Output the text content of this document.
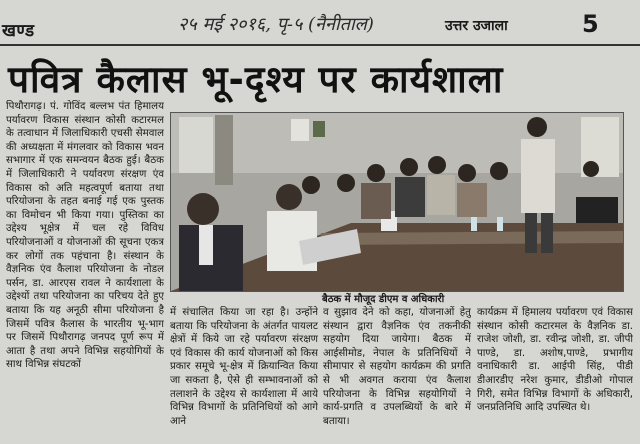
खण्ड	२५ मई २०१६, पृ-५ (नैनीताल)	उत्तर उजाला	5
पवित्र कैलास भू-दृश्य पर कार्यशाला
पिथौरागढ़। पं. गोविंद बल्लभ पंत हिमालय पर्यावरण विकास संस्थान कोसी कटारमल के तत्वाधान में जिलाधिकारी एचसी सेमवाल की अध्यक्षता में मंगलवार को विकास भवन सभागार में एक समन्वयन बैठक हुई। बैठक में जिलाधिकारी ने पर्यावरण संरक्षण एंव विकास को अति महत्वपूर्ण बताया तथा परियोजना के तहत बनाई गई एक पुस्तक का विमोचन भी किया गया। पुस्तिका का उद्देश्य भूक्षेत्र में चल रहे विविध परियोजनाओं व योजनाओं की सूचना एकत्र कर लोगों तक पहंचाना है। संस्थान के वैज्ञनिक एंव कैलाश परियोजना के नोडल पर्सन, डा. आरएस रावल ने कार्यशाला के उद्देश्यों तथा परियोजना का परिचय देते हुए बताया कि यह अनूठी सीमा परियोजना है जिसमें पवित्र कैलास के भारतीय भू-भाग पर जिसमें पिथौरागढ़ जनपद पूर्ण रूप में आता है तथा अपने विभिन्न सहयोगियों के साथ विभिन्न संघटकों
बैठक में मौजूद डीएम व अधिकारी
में संचालित किया जा रहा है। उन्होंने बताया कि परियोजना के अंतर्गत पायलट क्षेत्रों में किये जा रहे पर्यावरण संरक्षण एवं विकास की कार्य योजनाओं को किस प्रकार समूचे भू-क्षेत्र में क्रियान्वित किया जा सकता है, ऐसे ही सम्भावनाओं को तलाशने के उद्देश्य से कार्यशाला में आये विभिन्न विभागों के प्रतिनिधियों को आगे आने
व सुझाव देने को कहा, योजनाओं हेतु संस्थान द्वारा वैज्ञनिक एंव तकनीकी सहयोग दिया जायेगा। बैठक में आईसीमोड, नेपाल के प्रतिनिधियों ने सीमापार से सहयोग कार्यक्रम की प्रगति से भी अवगत कराया एंव कैलाश परियोजना के विभिन्न सहयोगियों ने कार्य-प्रगति व उपलब्धियों के बारे में बताया।
कार्यक्रम में हिमालय पर्यावरण एवं विकास संस्थान कोसी कटारमल के वैज्ञनिक डा. राजेश जोशी, डा. रवीन्द्र जोशी, डा. जीपी पाण्डे, डा. अशोष,पाण्डे, प्रभागीय वनाधिकारी डा. आईपी सिंह, पीडी डीआरडीए नरेश कुमार, डीडीओ गोपाल गिरी, समेत विभिन्न विभागों के अधिकारी, जनप्रतिनिधि आदि उपस्थित थे।
